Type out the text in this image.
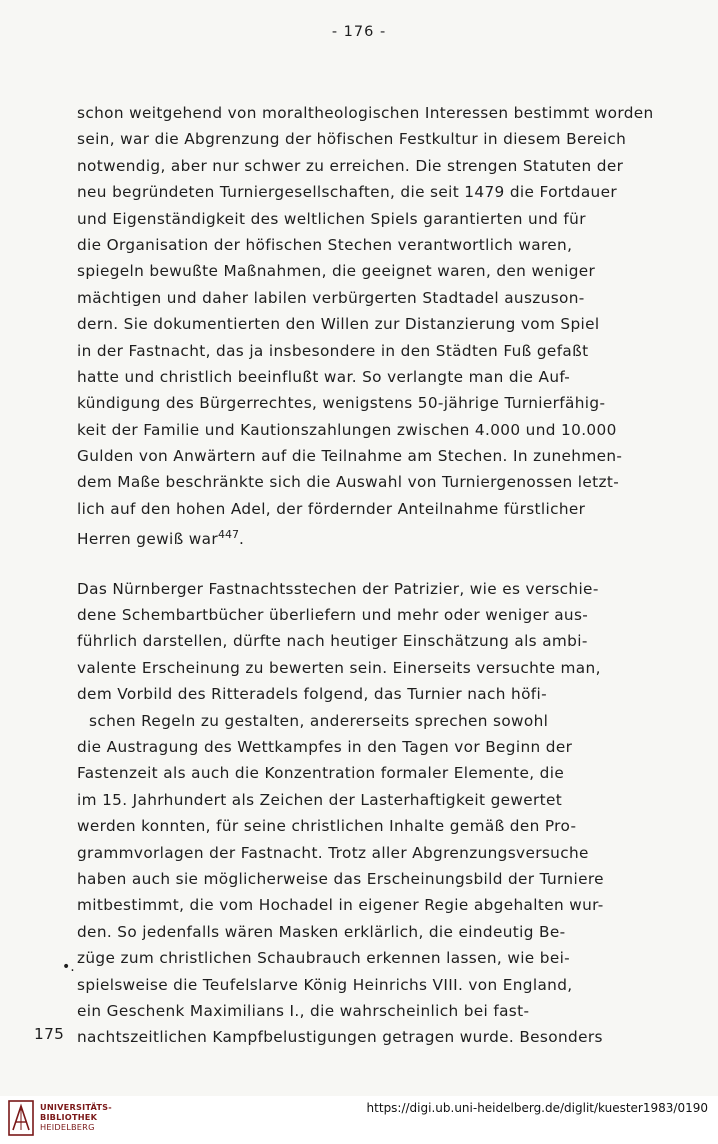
- 176 -
schon weitgehend von moraltheologischen Interessen bestimmt worden
sein, war die Abgrenzung der höfischen Festkultur in diesem Bereich
notwendig, aber nur schwer zu erreichen. Die strengen Statuten der
neu begründeten Turniergesellschaften, die seit 1479 die Fortdauer
und Eigenständigkeit des weltlichen Spiels garantierten und für
die Organisation der höfischen Stechen verantwortlich waren,
spiegeln bewußte Maßnahmen, die geeignet waren, den weniger
mächtigen und daher labilen verbürgerten Stadtadel auszuson-
dern. Sie dokumentierten den Willen zur Distanzierung vom Spiel
in der Fastnacht, das ja insbesondere in den Städten Fuß gefaßt
hatte und christlich beeinflußt war. So verlangte man die Auf-
kündigung des Bürgerrechtes, wenigstens 50-jährige Turnierfähig-
keit der Familie und Kautionszahlungen zwischen 4.000 und 10.000
Gulden von Anwärtern auf die Teilnahme am Stechen. In zunehmen-
dem Maße beschränkte sich die Auswahl von Turniergenossen letzt-
lich auf den hohen Adel, der fördernder Anteilnahme fürstlicher
Herren gewiß war$^{447}$.
Das Nürnberger Fastnachtsstechen der Patrizier, wie es verschie-
dene Schembartbücher überliefern und mehr oder weniger aus-
führlich darstellen, dürfte nach heutiger Einschätzung als ambi-
valente Erscheinung zu bewerten sein. Einerseits versuchte man,
dem Vorbild des Ritteradels folgend, das Turnier nach höfi-
schen Regeln zu gestalten, andererseits sprechen sowohl
die Austragung des Wettkampfes in den Tagen vor Beginn der
Fastenzeit als auch die Konzentration formaler Elemente, die
im 15. Jahrhundert als Zeichen der Lasterhaftigkeit gewertet
werden konnten, für seine christlichen Inhalte gemäß den Pro-
grammvorlagen der Fastnacht. Trotz aller Abgrenzungsversuche
haben auch sie möglicherweise das Erscheinungsbild der Turniere
mitbestimmt, die vom Hochadel in eigener Regie abgehalten wur-
den. So jedenfalls wären Masken erklärlich, die eindeutig Be-
züge zum christlichen Schaubrauch erkennen lassen, wie bei-
spielsweise die Teufelslarve König Heinrichs VIII. von England,
ein Geschenk Maximilians I., die wahrscheinlich bei fast-
nachtszeitlichen Kampfbelustigungen getragen wurde. Besonders
•.
175
UNIVERSITÄTS-
BIBLIOTHEK
HEIDELBERG
https://digi.ub.uni-heidelberg.de/diglit/kuester1983/0190
